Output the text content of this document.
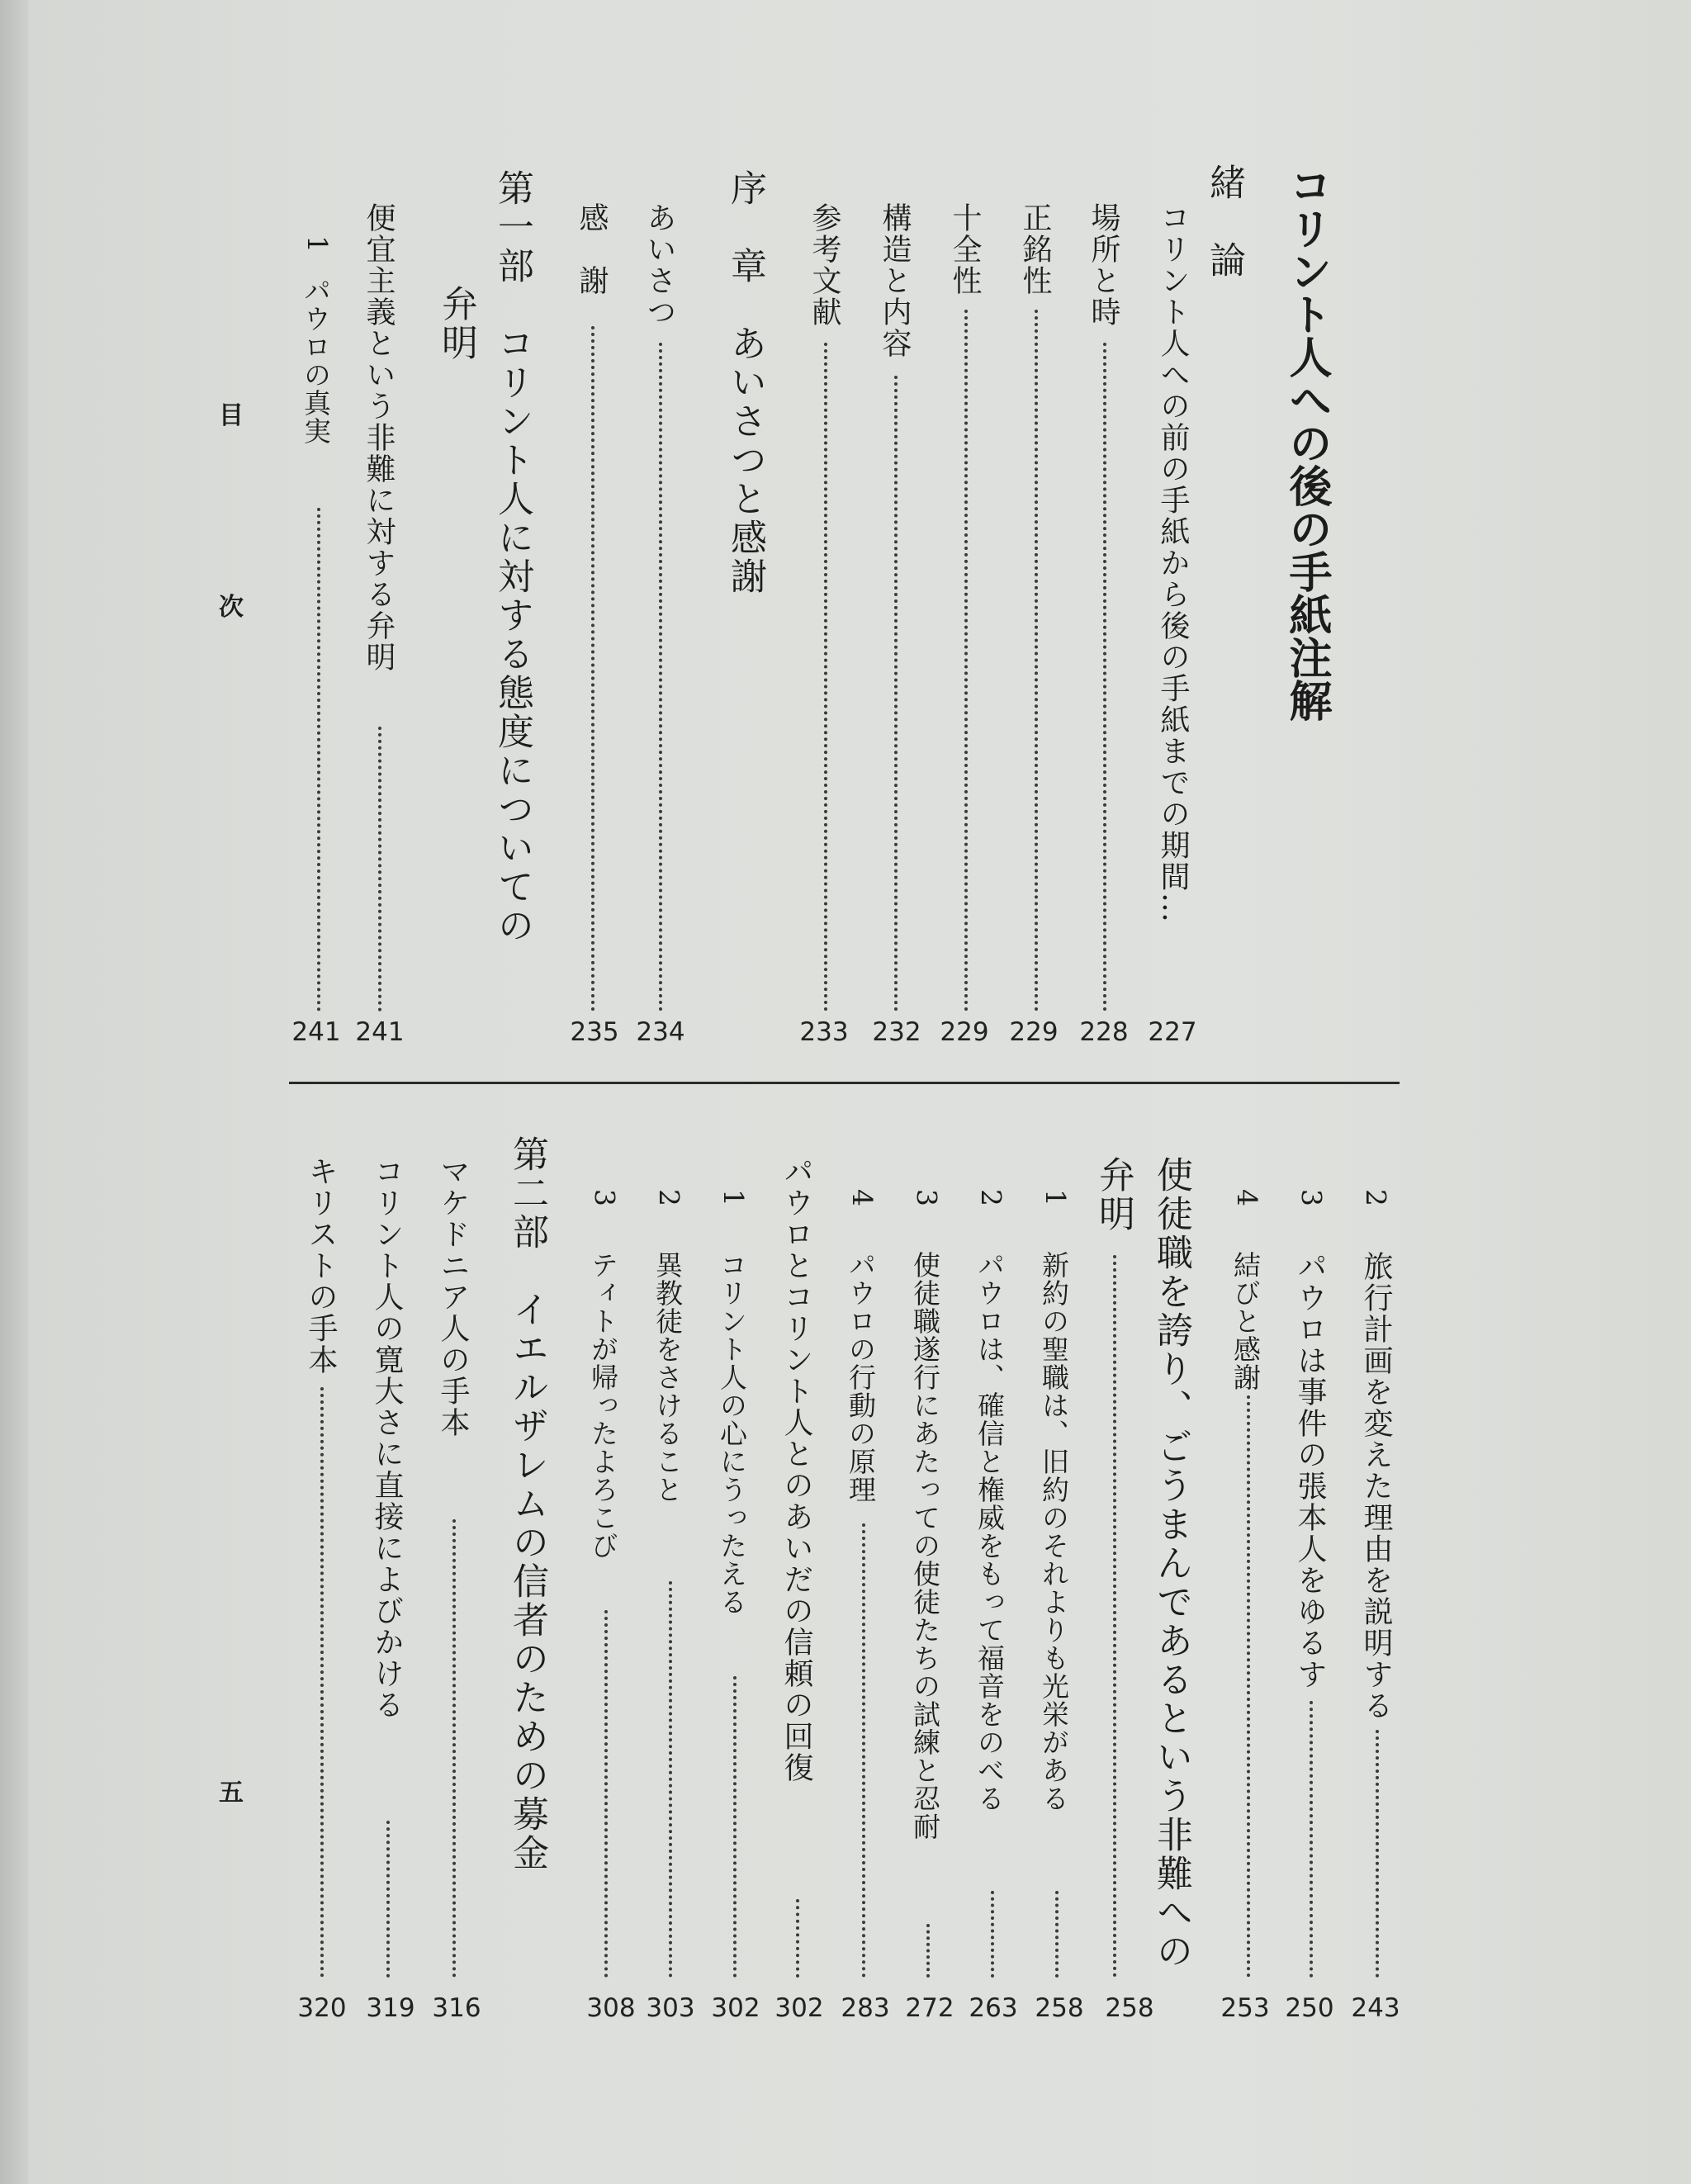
コリント人への後の手紙注解
緒　論
コリント人への前の手紙から後の手紙までの期間…
227
場所と時
228
正銘性
229
十全性
229
構造と内容
232
参考文献
233
序　章　あいさつと感謝
あいさつ
234
感　謝
235
第一部　コリント人に対する態度についての
弁明
便宜主義という非難に対する弁明
241
1
パウロの真実
241
目
次
2
旅行計画を変えた理由を説明する
243
3
パウロは事件の張本人をゆるす
250
4
結びと感謝
253
使徒職を誇り、ごうまんであるという非難への
弁明
258
1
新約の聖職は、旧約のそれよりも光栄がある
258
2
パウロは、確信と権威をもって福音をのべる
263
3
使徒職遂行にあたっての使徒たちの試練と忍耐
272
4
パウロの行動の原理
283
パウロとコリント人とのあいだの信頼の回復
302
1
コリント人の心にうったえる
302
2
異教徒をさけること
303
3
ティトが帰ったよろこび
308
第二部　イエルザレムの信者のための募金
マケドニア人の手本
316
コリント人の寛大さに直接によびかける
319
キリストの手本
320
五
